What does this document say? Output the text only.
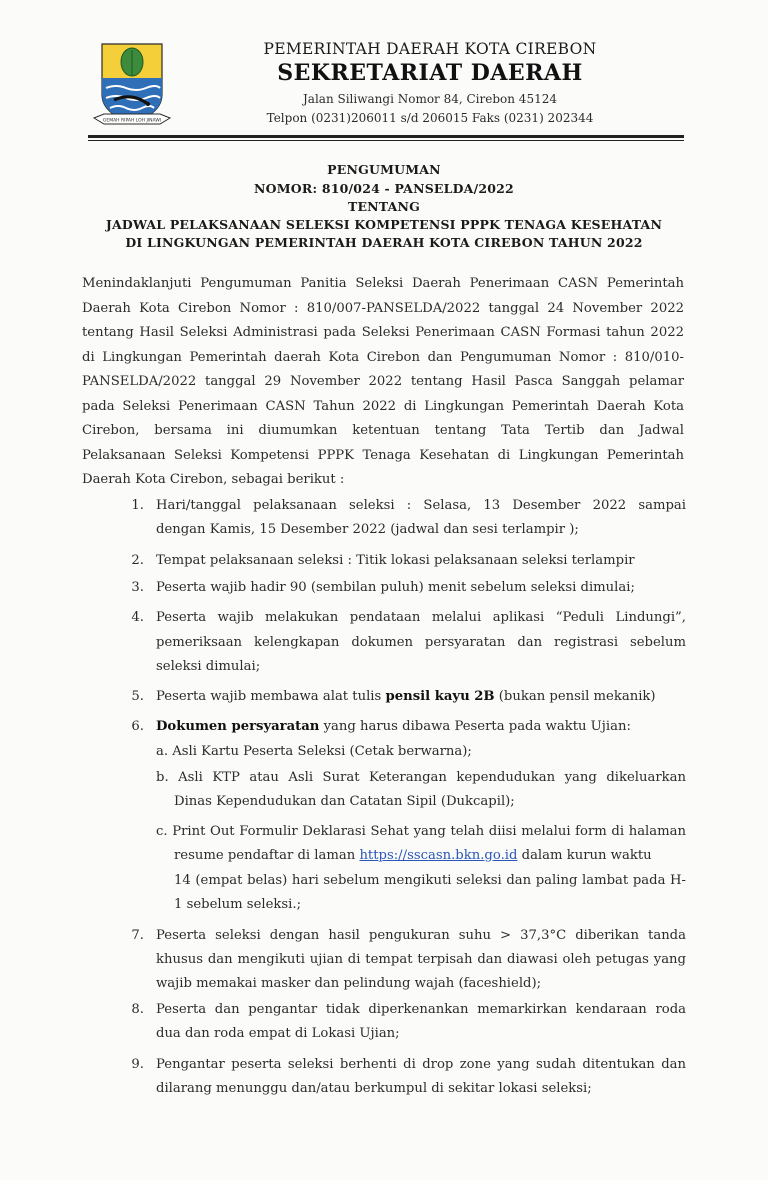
GEMAH RIPAH LOH JINAWI
PEMERINTAH DAERAH KOTA CIREBON
SEKRETARIAT DAERAH
Jalan Siliwangi Nomor 84, Cirebon 45124
Telpon (0231)206011 s/d 206015 Faks (0231) 202344
PENGUMUMAN
NOMOR: 810/024 - PANSELDA/2022
TENTANG
JADWAL PELAKSANAAN SELEKSI KOMPETENSI PPPK TENAGA KESEHATAN
DI LINGKUNGAN PEMERINTAH DAERAH KOTA CIREBON TAHUN 2022
Menindaklanjuti Pengumuman Panitia Seleksi Daerah Penerimaan CASN Pemerintah
Daerah Kota Cirebon Nomor : 810/007-PANSELDA/2022 tanggal 24 November 2022
tentang Hasil Seleksi Administrasi pada Seleksi Penerimaan CASN Formasi tahun 2022
di Lingkungan Pemerintah daerah Kota Cirebon dan Pengumuman Nomor : 810/010-
PANSELDA/2022 tanggal 29 November 2022 tentang Hasil Pasca Sanggah pelamar
pada Seleksi Penerimaan CASN Tahun 2022 di Lingkungan Pemerintah Daerah Kota
Cirebon, bersama ini diumumkan ketentuan tentang Tata Tertib dan Jadwal
Pelaksanaan Seleksi Kompetensi PPPK Tenaga Kesehatan di Lingkungan Pemerintah
Daerah Kota Cirebon, sebagai berikut :
1. Hari/tanggal pelaksanaan seleksi : Selasa, 13 Desember 2022 sampai
dengan Kamis, 15 Desember 2022 (jadwal dan sesi terlampir );
2. Tempat pelaksanaan seleksi : Titik lokasi pelaksanaan seleksi terlampir
3. Peserta wajib hadir 90 (sembilan puluh) menit sebelum seleksi dimulai;
4. Peserta wajib melakukan pendataan melalui aplikasi “Peduli Lindungi”,
pemeriksaan kelengkapan dokumen persyaratan dan registrasi sebelum
seleksi dimulai;
5. Peserta wajib membawa alat tulis pensil kayu 2B (bukan pensil mekanik)
6. Dokumen persyaratan yang harus dibawa Peserta pada waktu Ujian:
a. Asli Kartu Peserta Seleksi (Cetak berwarna);
b. Asli KTP atau Asli Surat Keterangan kependudukan yang dikeluarkan
Dinas Kependudukan dan Catatan Sipil (Dukcapil);
c. Print Out Formulir Deklarasi Sehat yang telah diisi melalui form di halaman
resume pendaftar di laman https://sscasn.bkn.go.id dalam kurun waktu
14 (empat belas) hari sebelum mengikuti seleksi dan paling lambat pada H-
1 sebelum seleksi.;
7. Peserta seleksi dengan hasil pengukuran suhu > 37,3°C diberikan tanda
khusus dan mengikuti ujian di tempat terpisah dan diawasi oleh petugas yang
wajib memakai masker dan pelindung wajah (faceshield);
8. Peserta dan pengantar tidak diperkenankan memarkirkan kendaraan roda
dua dan roda empat di Lokasi Ujian;
9. Pengantar peserta seleksi berhenti di drop zone yang sudah ditentukan dan
dilarang menunggu dan/atau berkumpul di sekitar lokasi seleksi;
